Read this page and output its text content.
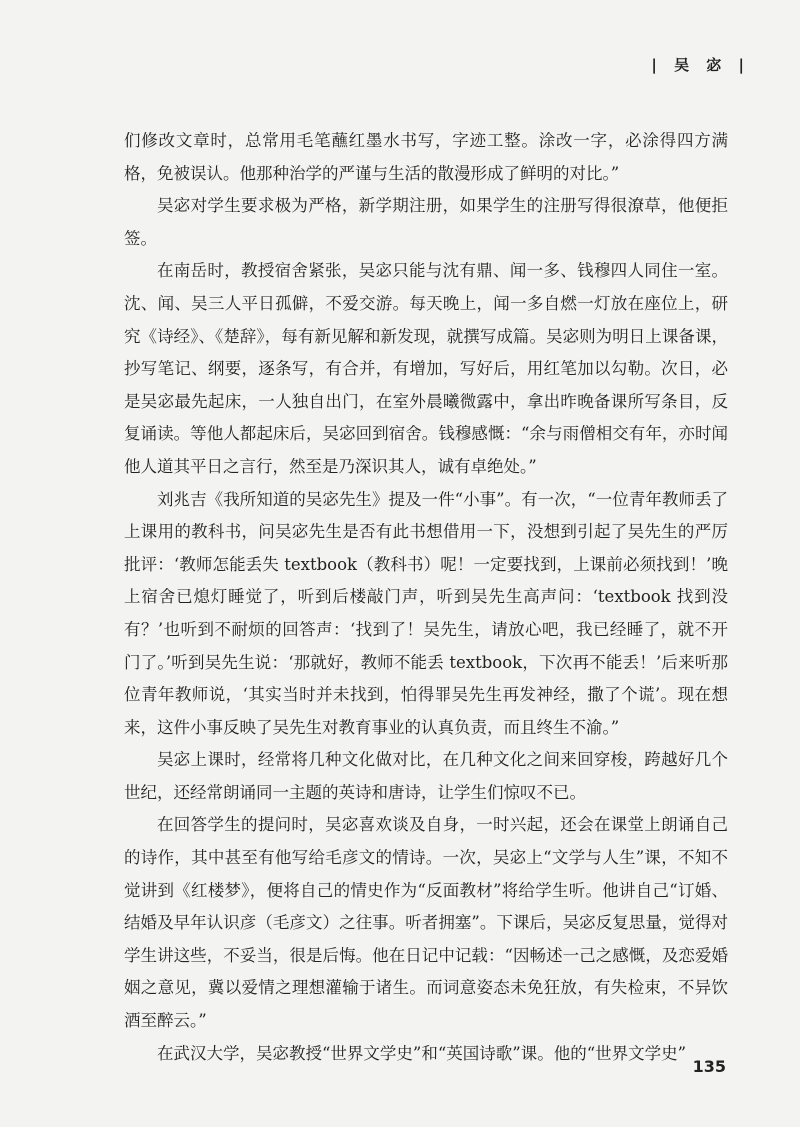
| 吴 宓 |

们修改文章时，总常用毛笔蘸红墨水书写，字迹工整。涂改一字，必涂得四方满格，免被误认。他那种治学的严谨与生活的散漫形成了鲜明的对比。”

吴宓对学生要求极为严格，新学期注册，如果学生的注册写得很潦草，他便拒签。

在南岳时，教授宿舍紧张，吴宓只能与沈有鼎、闻一多、钱穆四人同住一室。沈、闻、吴三人平日孤僻，不爱交游。每天晚上，闻一多自燃一灯放在座位上，研究《诗经》、《楚辞》，每有新见解和新发现，就撰写成篇。吴宓则为明日上课备课，抄写笔记、纲要，逐条写，有合并，有增加，写好后，用红笔加以勾勒。次日，必是吴宓最先起床，一人独自出门，在室外晨曦微露中，拿出昨晚备课所写条目，反复诵读。等他人都起床后，吴宓回到宿舍。钱穆感慨：“余与雨僧相交有年，亦时闻他人道其平日之言行，然至是乃深识其人，诚有卓绝处。”

刘兆吉《我所知道的吴宓先生》提及一件“小事”。有一次，“一位青年教师丢了上课用的教科书，问吴宓先生是否有此书想借用一下，没想到引起了吴先生的严厉批评：‘教师怎能丢失 textbook（教科书）呢！一定要找到，上课前必须找到！’晚上宿舍已熄灯睡觉了，听到后楼敲门声，听到吴先生高声问：‘textbook 找到没有？’也听到不耐烦的回答声：‘找到了！吴先生，请放心吧，我已经睡了，就不开门了。’听到吴先生说：‘那就好，教师不能丢 textbook，下次再不能丢！’后来听那位青年教师说，‘其实当时并未找到，怕得罪吴先生再发神经，撒了个谎’。现在想来，这件小事反映了吴先生对教育事业的认真负责，而且终生不渝。”

吴宓上课时，经常将几种文化做对比，在几种文化之间来回穿梭，跨越好几个世纪，还经常朗诵同一主题的英诗和唐诗，让学生们惊叹不已。

在回答学生的提问时，吴宓喜欢谈及自身，一时兴起，还会在课堂上朗诵自己的诗作，其中甚至有他写给毛彦文的情诗。一次，吴宓上“文学与人生”课，不知不觉讲到《红楼梦》，便将自己的情史作为“反面教材”将给学生听。他讲自己“订婚、结婚及早年认识彦（毛彦文）之往事。听者拥塞”。下课后，吴宓反复思量，觉得对学生讲这些，不妥当，很是后悔。他在日记中记载：“因畅述一己之感慨，及恋爱婚姻之意见，冀以爱情之理想灌输于诸生。而词意姿态未免狂放，有失检束，不异饮酒至醉云。”

在武汉大学，吴宓教授“世界文学史”和“英国诗歌”课。他的“世界文学史”

135
